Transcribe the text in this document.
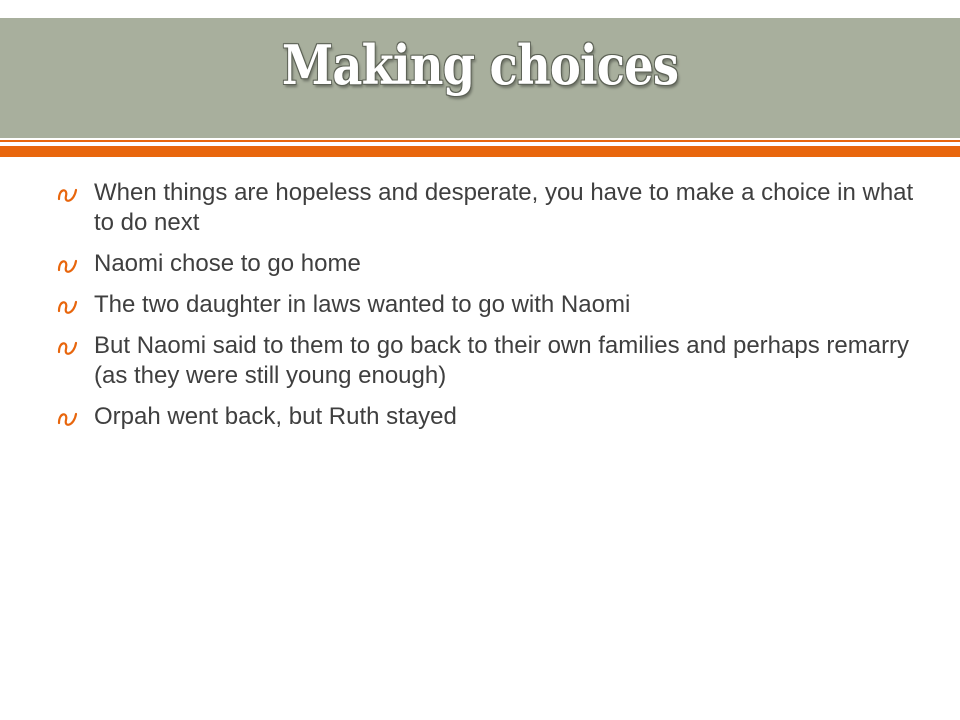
Making choices
When things are hopeless and desperate, you have to make a choice in what to do next
Naomi chose to go home
The two daughter in laws wanted to go with Naomi
But Naomi said to them to go back to their own families and perhaps remarry (as they were still young enough)
Orpah went back, but Ruth stayed
